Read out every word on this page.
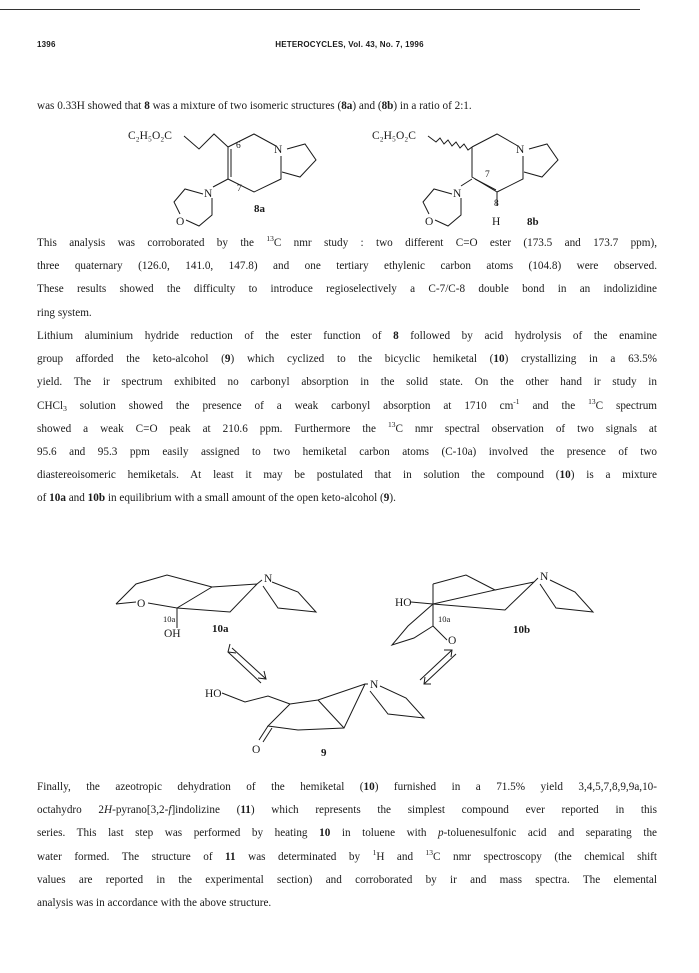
1396	HETEROCYCLES, Vol. 43, No. 7, 1996

was 0.33H showed that 8 was a mixture of two isomeric structures (8a) and (8b) in a ratio of 2:1.

C₂H₅O₂C
N
6
7
N
O
8a
C₂H₅O₂C
N
7
8
H
N
O	8b
This analysis was corroborated by the $^{13}$C nmr study : two different C=O ester (173.5 and 173.7 ppm),
three quaternary (126.0, 141.0, 147.8) and one tertiary ethylenic carbon atoms (104.8) were observed.
These results showed the difficulty to introduce regioselectively a C-7/C-8 double bond in an indolizidine
ring system.
Lithium aluminium hydride reduction of the ester function of 8 followed by acid hydrolysis of the enamine
group afforded the keto-alcohol (9) which cyclized to the bicyclic hemiketal (10) crystallizing in a 63.5%
yield. The ir spectrum exhibited no carbonyl absorption in the solid state. On the other hand ir study in
CHCl$_3$ solution showed the presence of a weak carbonyl absorption at 1710 $cm^{-1}$ and the $^{13}$C spectrum
showed a weak C=O peak at 210.6 ppm. Furthermore the $^{13}$C nmr spectral observation of two signals at
95.6 and 95.3 ppm easily assigned to two hemiketal carbon atoms (C-10a) involved the presence of two
diastereoisomeric hemiketals. At least it may be postulated that in solution the compound (10) is a mixture
of 10a and 10b in equilibrium with a small amount of the open keto-alcohol (9).
O
10a
OH
N
10a
HO
10a
O
N
10b
HO
N
O	9
Finally, the azeotropic dehydration of the hemiketal (10) furnished in a 71.5% yield 3,4,5,7,8,9,9a,10-
octahydro 2H-pyrano[3,2-f]indolizine (11) which represents the simplest compound ever reported in this
series. This last step was performed by heating 10 in toluene with p-toluenesulfonic acid and separating the
water formed. The structure of 11 was determinated by $^1$H and $^{13}$C nmr spectroscopy (the chemical shift
values are reported in the experimental section) and corroborated by ir and mass spectra. The elemental
analysis was in accordance with the above structure.
